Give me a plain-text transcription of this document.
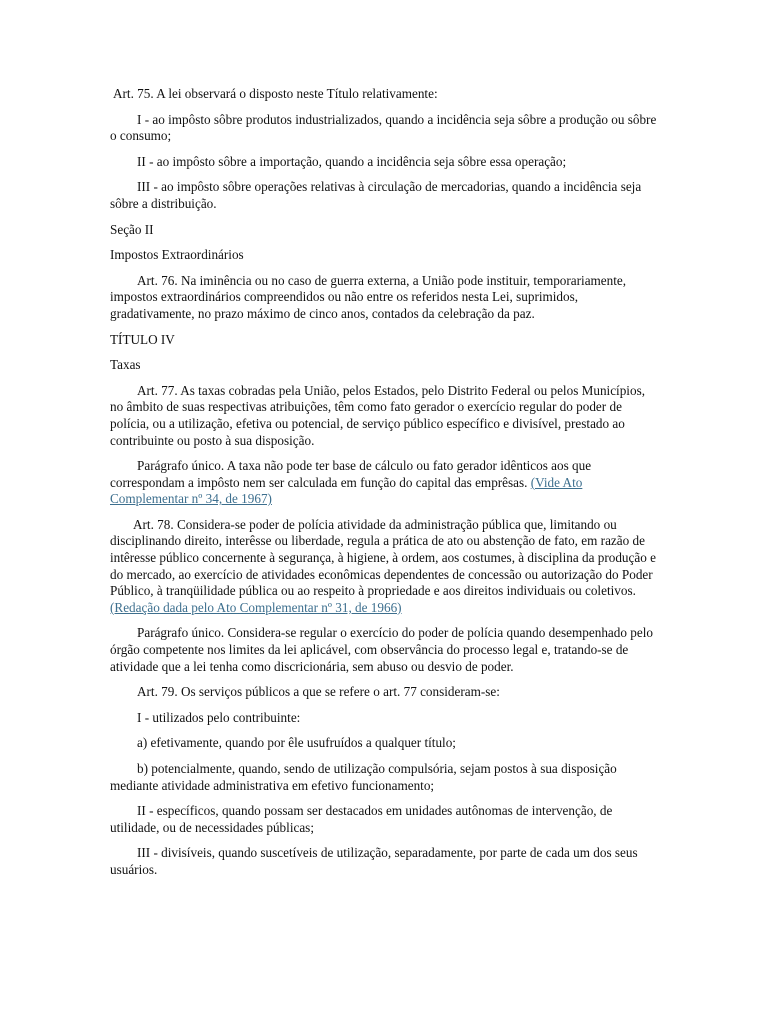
Art. 75. A lei observará o disposto neste Título relativamente:

I - ao impôsto sôbre produtos industrializados, quando a incidência seja sôbre a produção ou sôbre o consumo;

II - ao impôsto sôbre a importação, quando a incidência seja sôbre essa operação;

III - ao impôsto sôbre operações relativas à circulação de mercadorias, quando a incidência seja sôbre a distribuição.

Seção II

Impostos Extraordinários

Art. 76. Na iminência ou no caso de guerra externa, a União pode instituir, temporariamente, impostos extraordinários compreendidos ou não entre os referidos nesta Lei, suprimidos, gradativamente, no prazo máximo de cinco anos, contados da celebração da paz.

TÍTULO IV

Taxas

Art. 77. As taxas cobradas pela União, pelos Estados, pelo Distrito Federal ou pelos Municípios, no âmbito de suas respectivas atribuições, têm como fato gerador o exercício regular do poder de polícia, ou a utilização, efetiva ou potencial, de serviço público específico e divisível, prestado ao contribuinte ou posto à sua disposição.

Parágrafo único. A taxa não pode ter base de cálculo ou fato gerador idênticos aos que correspondam a impôsto nem ser calculada em função do capital das emprêsas. (Vide Ato Complementar nº 34, de 1967)

Art. 78. Considera-se poder de polícia atividade da administração pública que, limitando ou disciplinando direito, interêsse ou liberdade, regula a prática de ato ou abstenção de fato, em razão de intêresse público concernente à segurança, à higiene, à ordem, aos costumes, à disciplina da produção e do mercado, ao exercício de atividades econômicas dependentes de concessão ou autorização do Poder Público, à tranqüilidade pública ou ao respeito à propriedade e aos direitos individuais ou coletivos. (Redação dada pelo Ato Complementar nº 31, de 1966)

Parágrafo único. Considera-se regular o exercício do poder de polícia quando desempenhado pelo órgão competente nos limites da lei aplicável, com observância do processo legal e, tratando-se de atividade que a lei tenha como discricionária, sem abuso ou desvio de poder.

Art. 79. Os serviços públicos a que se refere o art. 77 consideram-se:

I - utilizados pelo contribuinte:

a) efetivamente, quando por êle usufruídos a qualquer título;

b) potencialmente, quando, sendo de utilização compulsória, sejam postos à sua disposição mediante atividade administrativa em efetivo funcionamento;

II - específicos, quando possam ser destacados em unidades autônomas de intervenção, de utilidade, ou de necessidades públicas;

III - divisíveis, quando suscetíveis de utilização, separadamente, por parte de cada um dos seus usuários.
